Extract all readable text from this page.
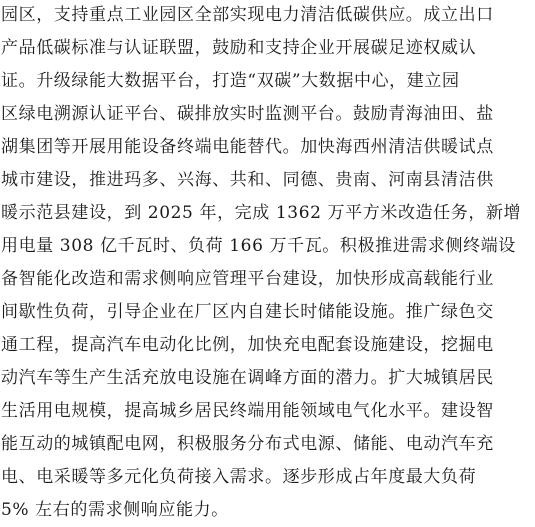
园区，支持重点工业园区全部实现电力清洁低碳供应。成立出口
产品低碳标准与认证联盟，鼓励和支持企业开展碳足迹权威认
证。升级绿能大数据平台，打造“双碳”大数据中心，建立园
区绿电溯源认证平台、碳排放实时监测平台。鼓励青海油田、盐
湖集团等开展用能设备终端电能替代。加快海西州清洁供暖试点
城市建设，推进玛多、兴海、共和、同德、贵南、河南县清洁供
暖示范县建设，到 2025 年，完成 1362 万平方米改造任务，新增
用电量 308 亿千瓦时、负荷 166 万千瓦。积极推进需求侧终端设
备智能化改造和需求侧响应管理平台建设，加快形成高载能行业
间歇性负荷，引导企业在厂区内自建长时储能设施。推广绿色交
通工程，提高汽车电动化比例，加快充电配套设施建设，挖掘电
动汽车等生产生活充放电设施在调峰方面的潜力。扩大城镇居民
生活用电规模，提高城乡居民终端用能领域电气化水平。建设智
能互动的城镇配电网，积极服务分布式电源、储能、电动汽车充
电、电采暖等多元化负荷接入需求。逐步形成占年度最大负荷
5% 左右的需求侧响应能力。
